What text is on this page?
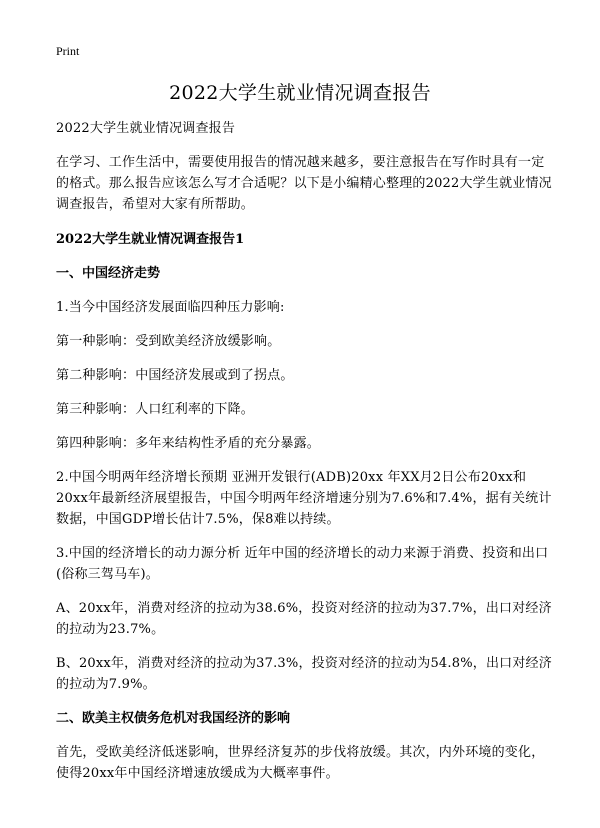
Print
2022大学生就业情况调查报告

2022大学生就业情况调查报告

在学习、工作生活中，需要使用报告的情况越来越多，要注意报告在写作时具有一定的格式。那么报告应该怎么写才合适呢？以下是小编精心整理的2022大学生就业情况调查报告，希望对大家有所帮助。

2022大学生就业情况调查报告1

一、中国经济走势

1.当今中国经济发展面临四种压力影响:

第一种影响：受到欧美经济放缓影响。

第二种影响：中国经济发展或到了拐点。

第三种影响：人口红利率的下降。

第四种影响：多年来结构性矛盾的充分暴露。

2.中国今明两年经济增长预期 亚洲开发银行(ADB)20xx 年XX月2日公布20xx和20xx年最新经济展望报告，中国今明两年经济增速分别为7.6%和7.4%，据有关统计数据，中国GDP增长估计7.5%，保8难以持续。

3.中国的经济增长的动力源分析 近年中国的经济增长的动力来源于消费、投资和出口(俗称三驾马车)。

A、20xx年，消费对经济的拉动为38.6%，投资对经济的拉动为37.7%，出口对经济的拉动为23.7%。

B、20xx年，消费对经济的拉动为37.3%，投资对经济的拉动为54.8%，出口对经济的拉动为7.9%。

二、欧美主权债务危机对我国经济的影响

首先，受欧美经济低迷影响，世界经济复苏的步伐将放缓。其次，内外环境的变化，使得20xx年中国经济增速放缓成为大概率事件。
